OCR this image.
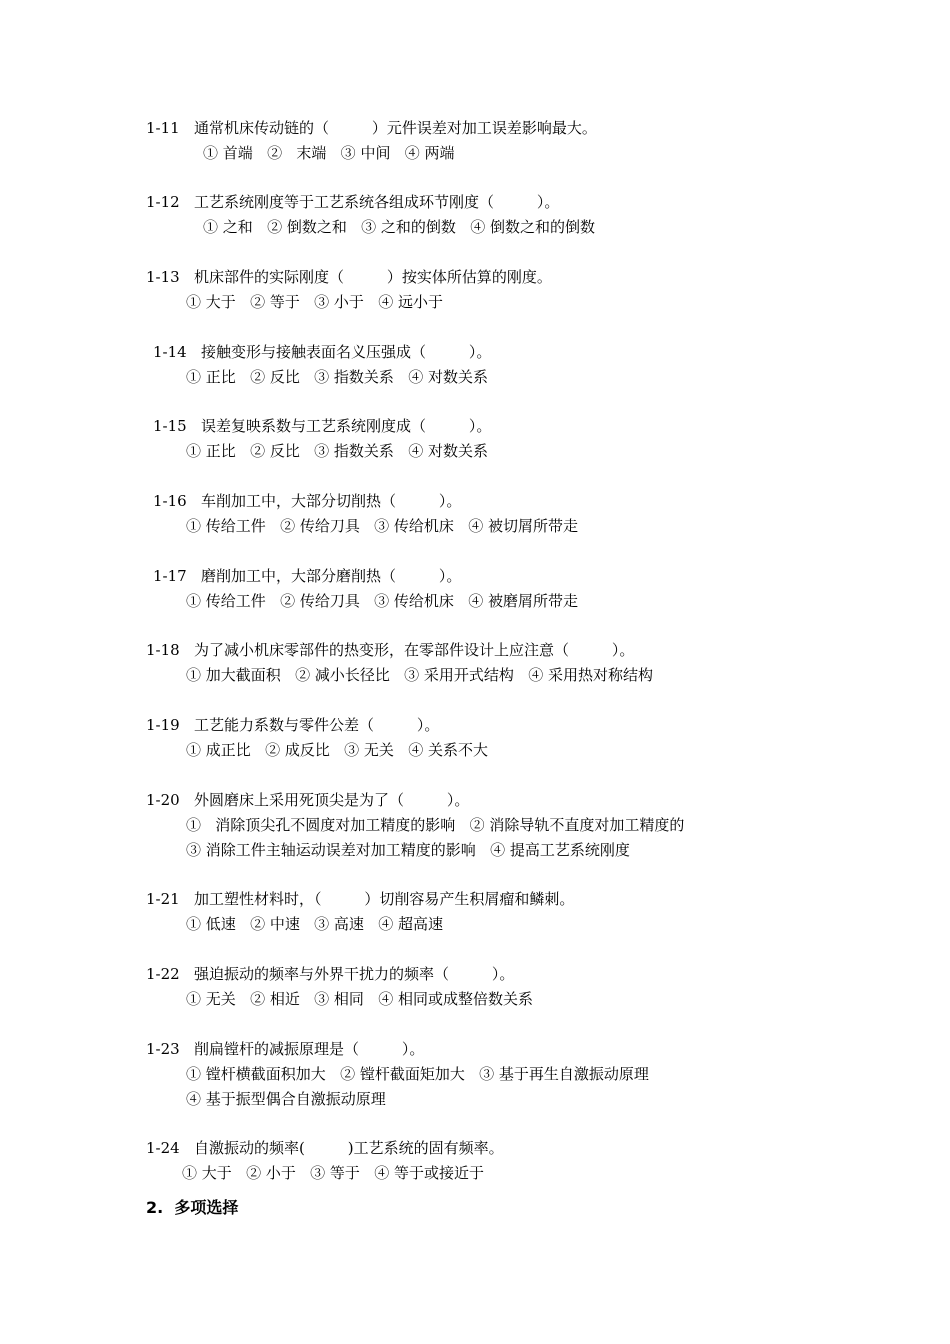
1-11   通常机床传动链的（         ）元件误差对加工误差影响最大。
① 首端   ②   末端   ③ 中间   ④ 两端
1-12   工艺系统刚度等于工艺系统各组成环节刚度（         ）。
① 之和   ② 倒数之和   ③ 之和的倒数   ④ 倒数之和的倒数
1-13   机床部件的实际刚度（         ）按实体所估算的刚度。
① 大于   ② 等于   ③ 小于   ④ 远小于
1-14   接触变形与接触表面名义压强成（         ）。
① 正比   ② 反比   ③ 指数关系   ④ 对数关系
1-15   误差复映系数与工艺系统刚度成（         ）。
① 正比   ② 反比   ③ 指数关系   ④ 对数关系
1-16   车削加工中，大部分切削热（         ）。
① 传给工件   ② 传给刀具   ③ 传给机床   ④ 被切屑所带走
1-17   磨削加工中，大部分磨削热（         ）。
① 传给工件   ② 传给刀具   ③ 传给机床   ④ 被磨屑所带走
1-18   为了减小机床零部件的热变形，在零部件设计上应注意（         ）。
① 加大截面积   ② 减小长径比   ③ 采用开式结构   ④ 采用热对称结构
1-19   工艺能力系数与零件公差（         ）。
① 成正比   ② 成反比   ③ 无关   ④ 关系不大
1-20   外圆磨床上采用死顶尖是为了（         ）。
①   消除顶尖孔不圆度对加工精度的影响   ② 消除导轨不直度对加工精度的
③ 消除工件主轴运动误差对加工精度的影响   ④ 提高工艺系统刚度
1-21   加工塑性材料时，（         ）切削容易产生积屑瘤和鳞刺。
① 低速   ② 中速   ③ 高速   ④ 超高速
1-22   强迫振动的频率与外界干扰力的频率（         ）。
① 无关   ② 相近   ③ 相同   ④ 相同或成整倍数关系
1-23   削扁镗杆的减振原理是（         ）。
① 镗杆横截面积加大   ② 镗杆截面矩加大   ③ 基于再生自激振动原理
④ 基于振型偶合自激振动原理
1-24   自激振动的频率(         )工艺系统的固有频率。
① 大于   ② 小于   ③ 等于   ④ 等于或接近于
2.  多项选择
